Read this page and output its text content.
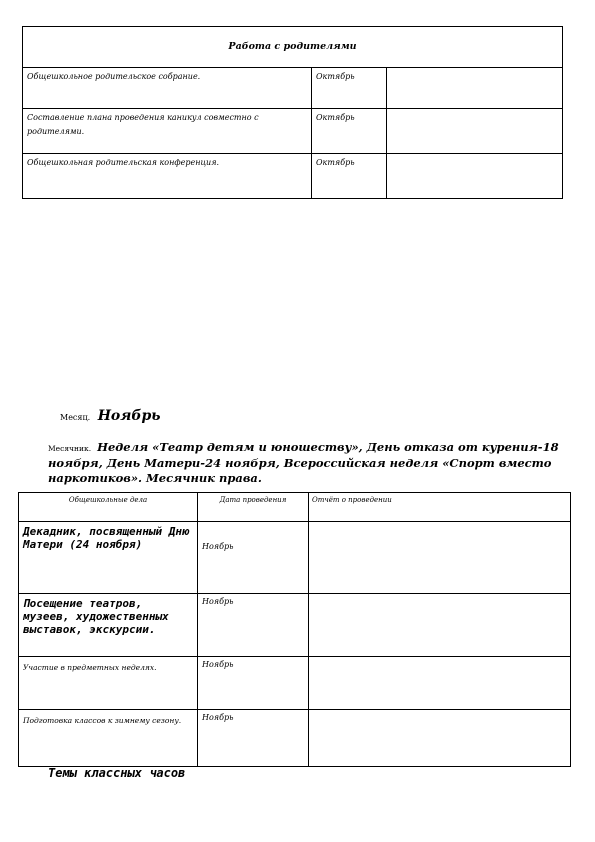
Работа с родителями		
Общешкольное родительское собрание.	Октябрь	
Составление плана проведения каникул совместно с родителями.	Октябрь	
Общешкольная родительская конференция.	Октябрь	
Месяц. Ноябрь
Месячник. Неделя «Театр детям и юношеству», День отказа от курения-18 ноября, День Матери-24 ноября, Всероссийская неделя «Спорт вместо наркотиков». Месячник права.
Общешкольные дела	Дата проведения	Отчёт о проведении
Декадник, посвященный Дню Матери (24 ноября)	Ноябрь	
Посещение театров, музеев, художественных выставок, экскурсии.	Ноябрь	
Участие в предметных неделях.	Ноябрь	
Подготовка классов к зимнему сезону.	Ноябрь	
Темы классных часов
